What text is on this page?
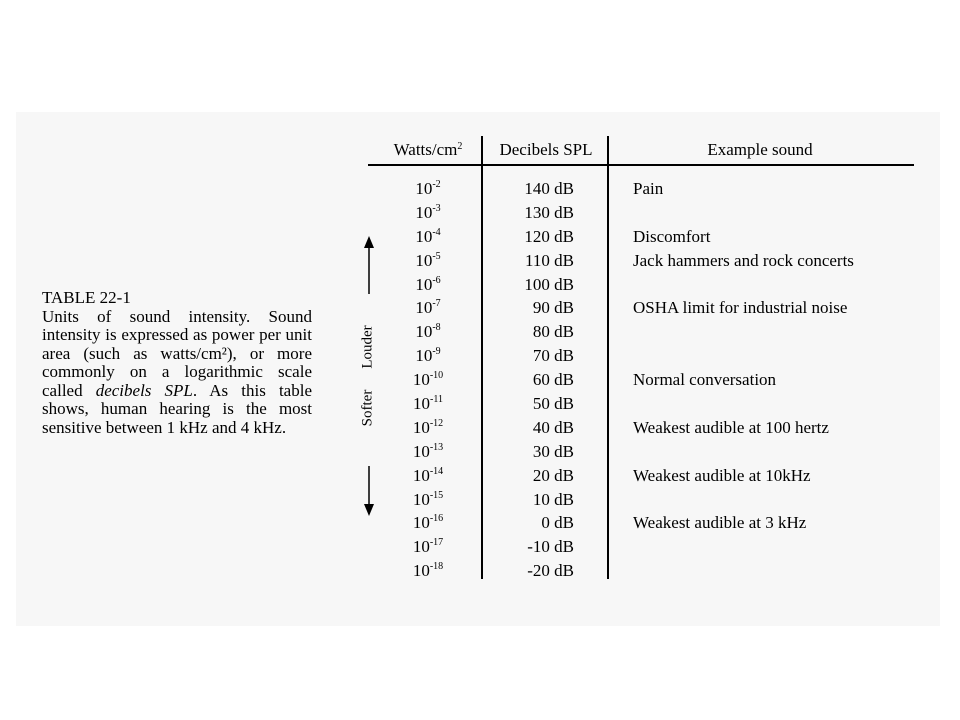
TABLE 22-1
Units of sound intensity. Sound intensity is expressed as power per unit area (such as watts/cm²), or more commonly on a logarithmic scale called decibels SPL. As this table shows, human hearing is the most sensitive between 1 kHz and 4 kHz.
Watts/$cm^2$	Decibels SPL	Example sound
Louder
Softer
$10^{-2}$	140 dB	Pain
$10^{-3}$	130 dB
$10^{-4}$	120 dB	Discomfort
$10^{-5}$	110 dB	Jack hammers and rock concerts
$10^{-6}$	100 dB
$10^{-7}$	90 dB	OSHA limit for industrial noise
$10^{-8}$	80 dB
$10^{-9}$	70 dB
$10^{-10}$	60 dB	Normal conversation
$10^{-11}$	50 dB
$10^{-12}$	40 dB	Weakest audible at 100 hertz
$10^{-13}$	30 dB
$10^{-14}$	20 dB	Weakest audible at 10kHz
$10^{-15}$	10 dB
$10^{-16}$	0 dB	Weakest audible at 3 kHz
$10^{-17}$	-10 dB
$10^{-18}$	-20 dB
